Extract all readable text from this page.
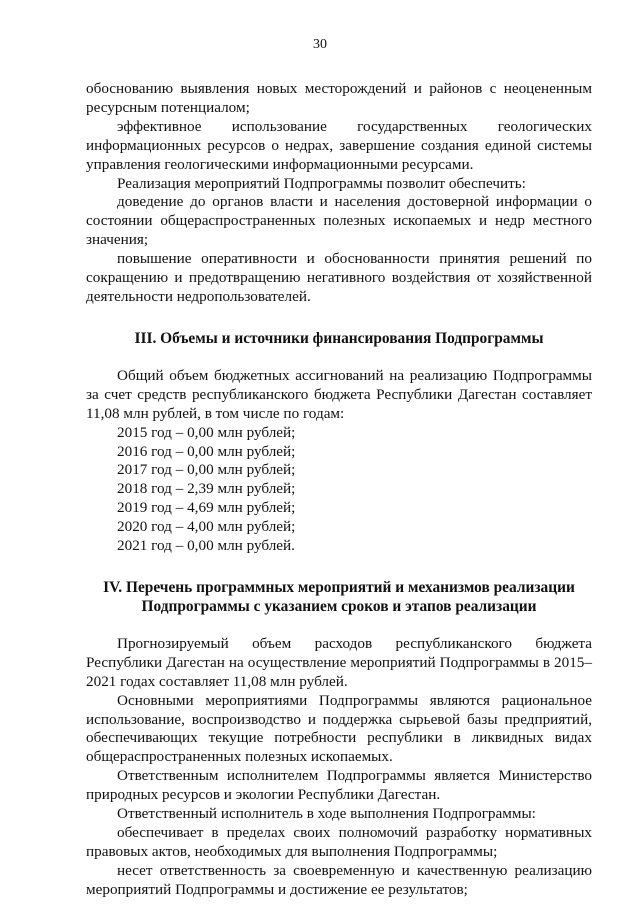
30

обоснованию выявления новых месторождений и районов с неоцененным ресурсным потенциалом;

эффективное использование государственных геологических информационных ресурсов о недрах, завершение создания единой системы управления геологическими информационными ресурсами.

Реализация мероприятий Подпрограммы позволит обеспечить:

доведение до органов власти и населения достоверной информации о состоянии общераспространенных полезных ископаемых и недр местного значения;

повышение оперативности и обоснованности принятия решений по сокращению и предотвращению негативного воздействия от хозяйственной деятельности недропользователей.

III. Объемы и источники финансирования Подпрограммы

Общий объем бюджетных ассигнований на реализацию Подпрограммы за счет средств республиканского бюджета Республики Дагестан составляет 11,08 млн рублей, в том числе по годам:

2015 год – 0,00 млн рублей;
2016 год – 0,00 млн рублей;
2017 год – 0,00 млн рублей;
2018 год – 2,39 млн рублей;
2019 год – 4,69 млн рублей;
2020 год – 4,00 млн рублей;
2021 год – 0,00 млн рублей.
IV. Перечень программных мероприятий и механизмов реализации
Подпрограммы с указанием сроков и этапов реализации

Прогнозируемый объем расходов республиканского бюджета Республики Дагестан на осуществление мероприятий Подпрограммы в 2015–2021 годах составляет 11,08 млн рублей.

Основными мероприятиями Подпрограммы являются рациональное использование, воспроизводство и поддержка сырьевой базы предприятий, обеспечивающих текущие потребности республики в ликвидных видах общераспространенных полезных ископаемых.

Ответственным исполнителем Подпрограммы является Министерство природных ресурсов и экологии Республики Дагестан.

Ответственный исполнитель в ходе выполнения Подпрограммы:

обеспечивает в пределах своих полномочий разработку нормативных правовых актов, необходимых для выполнения Подпрограммы;

несет ответственность за своевременную и качественную реализацию мероприятий Подпрограммы и достижение ее результатов;
